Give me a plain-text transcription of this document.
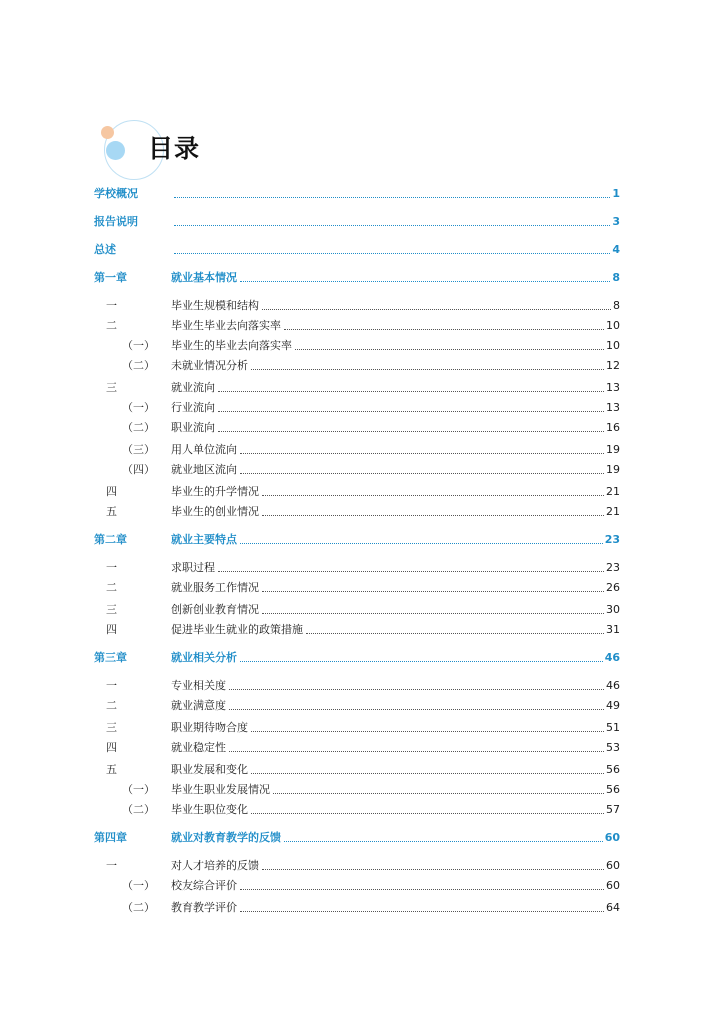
目录
学校概况	1
报告说明	3
总述	4
第一章	就业基本情况	8
一	毕业生规模和结构	8
二	毕业生毕业去向落实率	10
（一） 毕业生的毕业去向落实率	10
（二） 未就业情况分析	12
三	就业流向	13
（一） 行业流向	13
（二） 职业流向	16
（三） 用人单位流向	19
（四） 就业地区流向	19
四	毕业生的升学情况	21
五	毕业生的创业情况	21
第二章	就业主要特点	23
一	求职过程	23
二	就业服务工作情况	26
三	创新创业教育情况	30
四	促进毕业生就业的政策措施	31
第三章	就业相关分析	46
一	专业相关度	46
二	就业满意度	49
三	职业期待吻合度	51
四	就业稳定性	53
五	职业发展和变化	56
（一） 毕业生职业发展情况	56
（二） 毕业生职位变化	57
第四章	就业对教育教学的反馈	60
一	对人才培养的反馈	60
（一） 校友综合评价	60
（二） 教育教学评价	64
